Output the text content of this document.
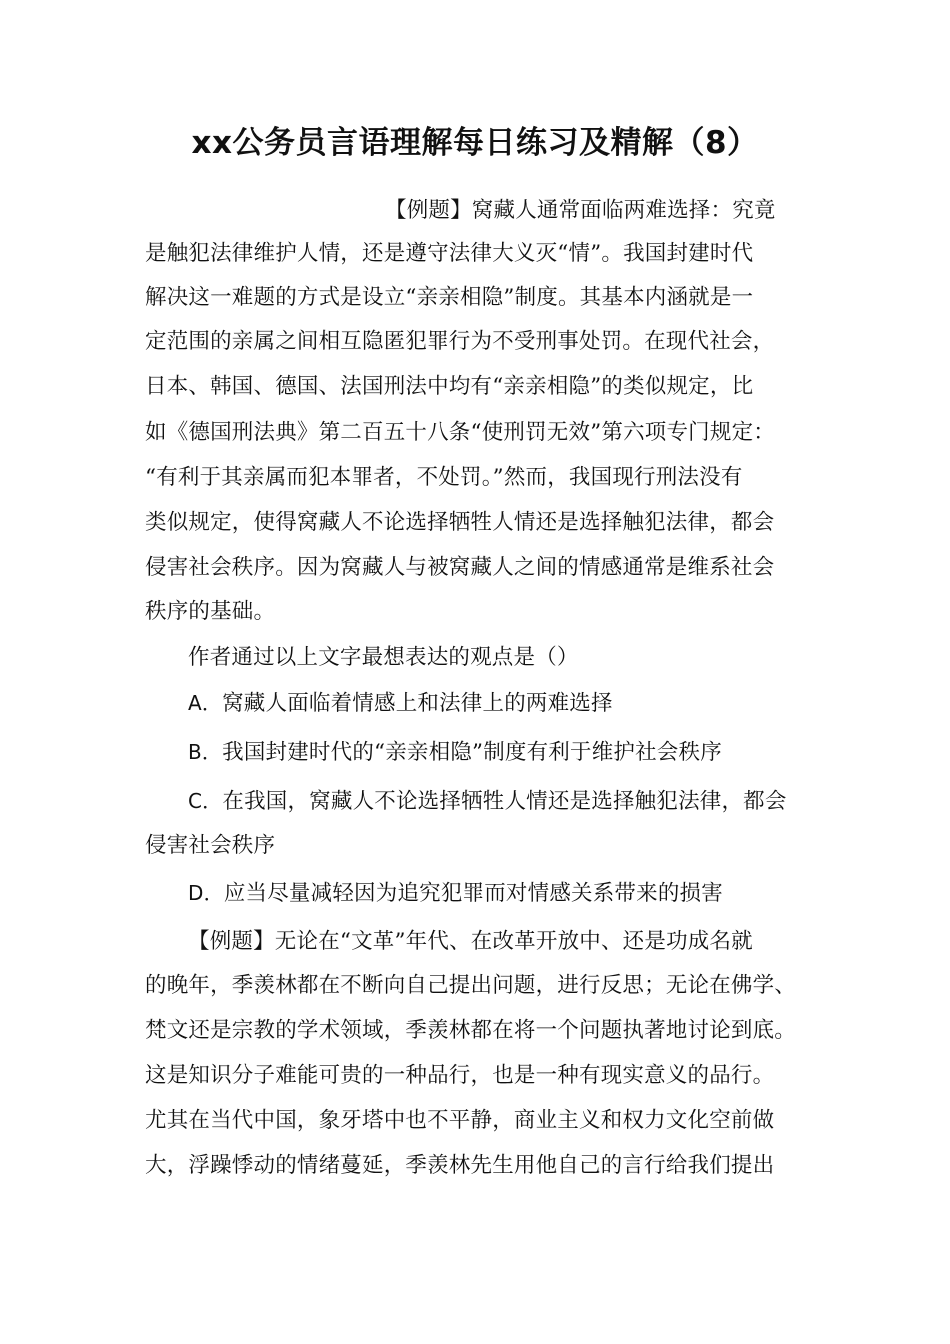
xx公务员言语理解每日练习及精解（8）
【例题】窝藏人通常面临两难选择：究竟
是触犯法律维护人情，还是遵守法律大义灭“情”。我国封建时代
解决这一难题的方式是设立“亲亲相隐”制度。其基本内涵就是一
定范围的亲属之间相互隐匿犯罪行为不受刑事处罚。在现代社会，
日本、韩国、德国、法国刑法中均有“亲亲相隐”的类似规定，比
如《德国刑法典》第二百五十八条“使刑罚无效”第六项专门规定：
“有利于其亲属而犯本罪者，不处罚。”然而，我国现行刑法没有
类似规定，使得窝藏人不论选择牺牲人情还是选择触犯法律，都会
侵害社会秩序。因为窝藏人与被窝藏人之间的情感通常是维系社会
秩序的基础。
作者通过以上文字最想表达的观点是（）
A．窝藏人面临着情感上和法律上的两难选择
B．我国封建时代的“亲亲相隐”制度有利于维护社会秩序
C．在我国，窝藏人不论选择牺牲人情还是选择触犯法律，都会
侵害社会秩序
D．应当尽量减轻因为追究犯罪而对情感关系带来的损害
【例题】无论在“文革”年代、在改革开放中、还是功成名就
的晚年，季羡林都在不断向自己提出问题，进行反思；无论在佛学、
梵文还是宗教的学术领域，季羡林都在将一个问题执著地讨论到底。
这是知识分子难能可贵的一种品行，也是一种有现实意义的品行。
尤其在当代中国，象牙塔中也不平静，商业主义和权力文化空前做
大，浮躁悸动的情绪蔓延，季羡林先生用他自己的言行给我们提出
